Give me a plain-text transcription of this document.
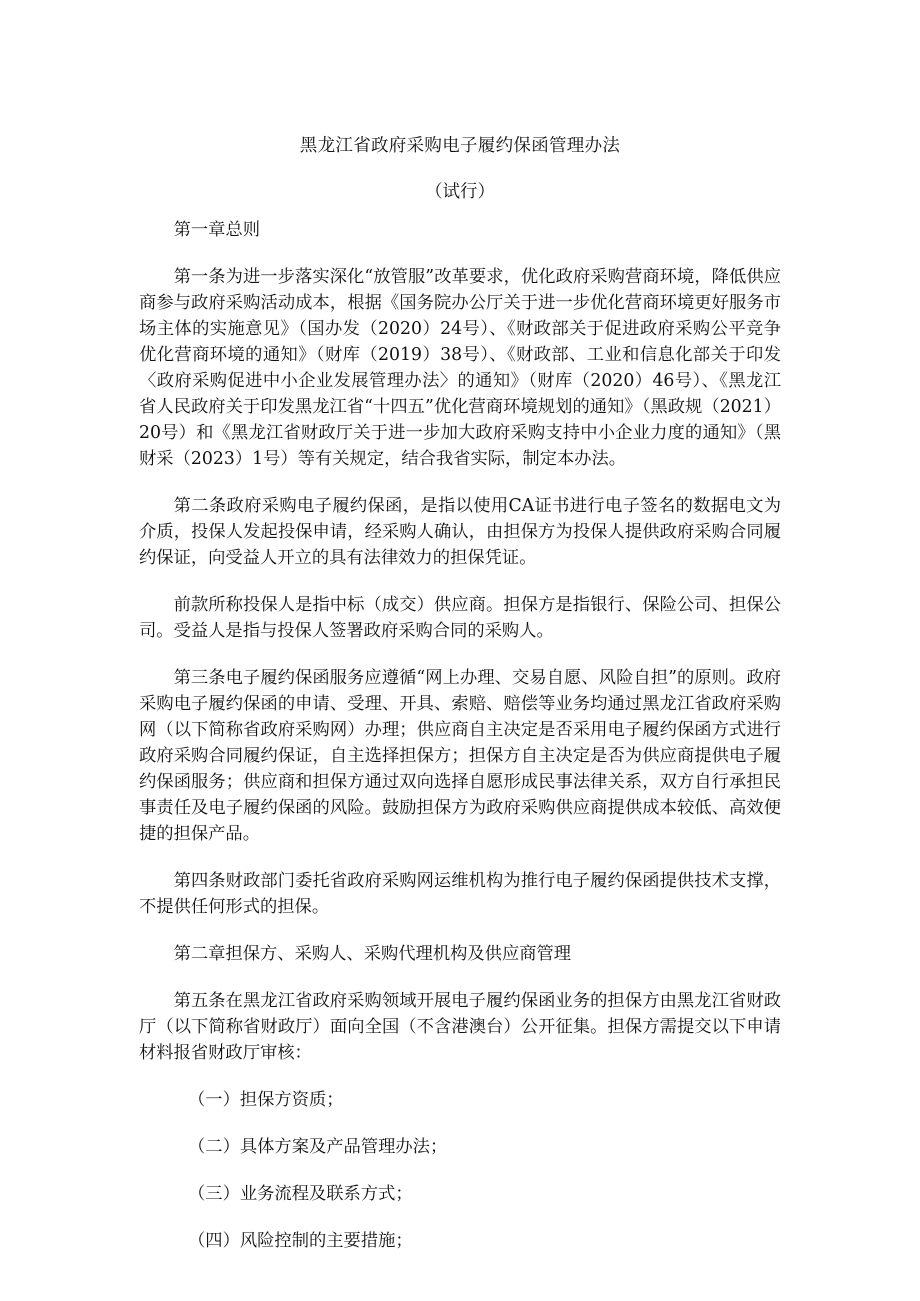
黑龙江省政府采购电子履约保函管理办法
（试行）

第一章总则

第一条为进一步落实深化“放管服”改革要求，优化政府采购营商环境，降低供应商参与政府采购活动成本，根据《国务院办公厅关于进一步优化营商环境更好服务市场主体的实施意见》（国办发（2020）24号）、《财政部关于促进政府采购公平竞争优化营商环境的通知》（财库（2019）38号）、《财政部、工业和信息化部关于印发〈政府采购促进中小企业发展管理办法〉的通知》（财库（2020）46号）、《黑龙江省人民政府关于印发黑龙江省“十四五”优化营商环境规划的通知》（黑政规（2021）20号）和《黑龙江省财政厅关于进一步加大政府采购支持中小企业力度的通知》（黑财采（2023）1号）等有关规定，结合我省实际，制定本办法。

第二条政府采购电子履约保函，是指以使用CA证书进行电子签名的数据电文为介质，投保人发起投保申请，经采购人确认，由担保方为投保人提供政府采购合同履约保证，向受益人开立的具有法律效力的担保凭证。

前款所称投保人是指中标（成交）供应商。担保方是指银行、保险公司、担保公司。受益人是指与投保人签署政府采购合同的采购人。

第三条电子履约保函服务应遵循“网上办理、交易自愿、风险自担”的原则。政府采购电子履约保函的申请、受理、开具、索赔、赔偿等业务均通过黑龙江省政府采购网（以下简称省政府采购网）办理；供应商自主决定是否采用电子履约保函方式进行政府采购合同履约保证，自主选择担保方；担保方自主决定是否为供应商提供电子履约保函服务；供应商和担保方通过双向选择自愿形成民事法律关系，双方自行承担民事责任及电子履约保函的风险。鼓励担保方为政府采购供应商提供成本较低、高效便捷的担保产品。

第四条财政部门委托省政府采购网运维机构为推行电子履约保函提供技术支撑，不提供任何形式的担保。

第二章担保方、采购人、采购代理机构及供应商管理

第五条在黑龙江省政府采购领域开展电子履约保函业务的担保方由黑龙江省财政厅（以下简称省财政厅）面向全国（不含港澳台）公开征集。担保方需提交以下申请材料报省财政厅审核：

（一）担保方资质；

（二）具体方案及产品管理办法；

（三）业务流程及联系方式；

（四）风险控制的主要措施；
